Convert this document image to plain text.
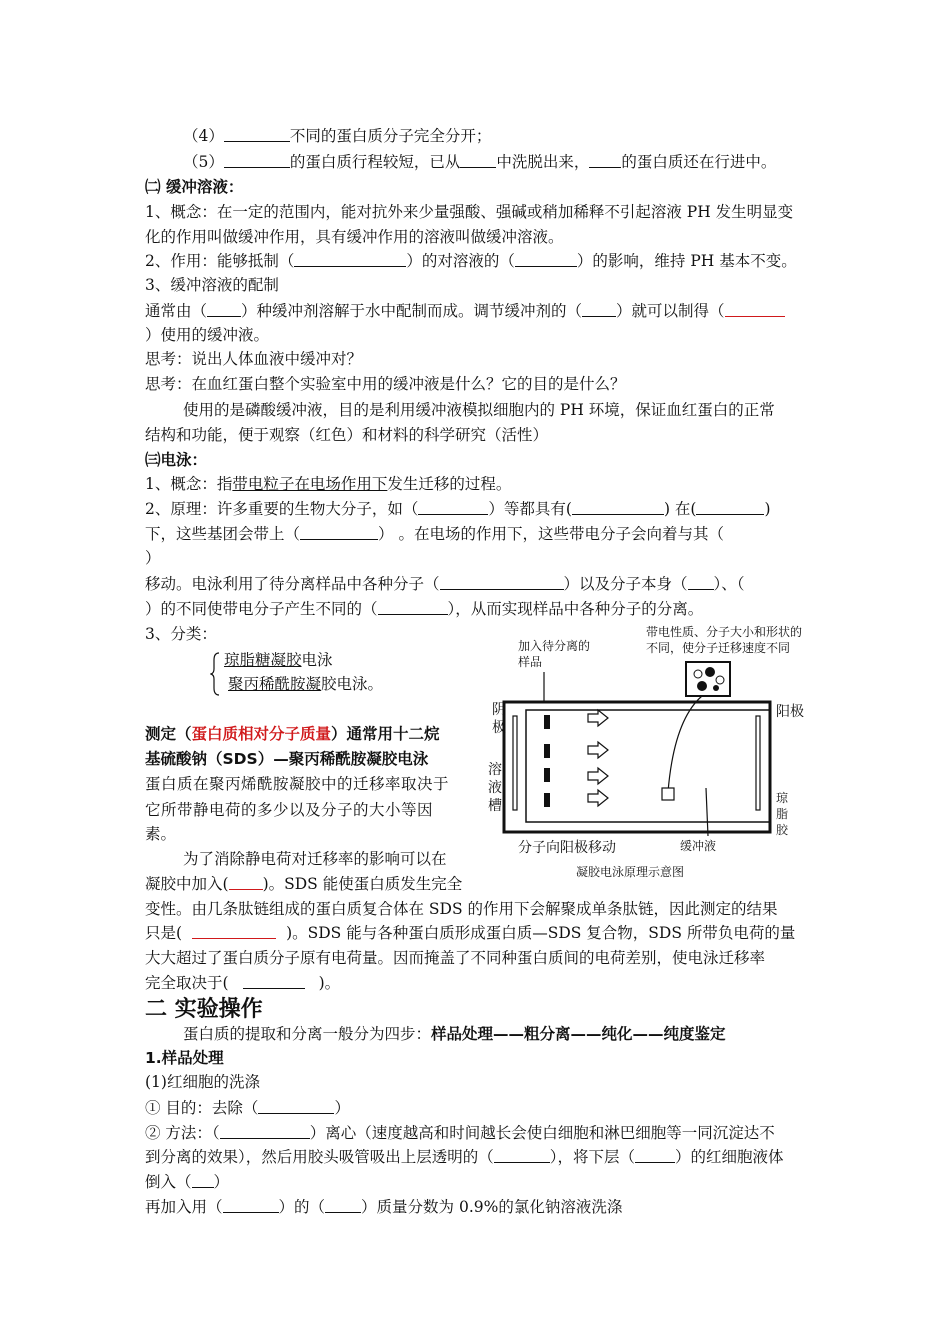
（4）	不同的蛋白质分子完全分开；
（5）	的蛋白质行程较短，已从 中洗脱出来， 的蛋白质还在行进中。
㈡ 缓冲溶液：
1、概念：在一定的范围内，能对抗外来少量强酸、强碱或稍加稀释不引起溶液 PH 发生明显变
化的作用叫做缓冲作用，具有缓冲作用的溶液叫做缓冲溶液。
2、作用：能够抵制（	）的对溶液的（	）的影响，维持 PH 基本不变。
3、缓冲溶液的配制
通常由（ ）种缓冲剂溶解于水中配制而成。调节缓冲剂的（ ）就可以制得（
）使用的缓冲液。
思考：说出人体血液中缓冲对？
思考：在血红蛋白整个实验室中用的缓冲液是什么？它的目的是什么？
使用的是磷酸缓冲液，目的是利用缓冲液模拟细胞内的 PH 环境，保证血红蛋白的正常
结构和功能，便于观察（红色）和材料的科学研究（活性）
㈢电泳：
1、概念：指带电粒子在电场作用下发生迁移的过程。
2、原理：许多重要的生物大分子，如（	）等都具有(	) 在(	)
下，这些基团会带上（	） 。在电场的作用下，这些带电分子会向着与其（
）
移动。电泳利用了待分离样品中各种分子（	）以及分子本身（ ）、（
）的不同使带电分子产生不同的（	），从而实现样品中各种分子的分离。
3、分类：
琼脂糖凝胶电泳
聚丙稀酰胺凝胶电泳。
测定（蛋白质相对分子质量）通常用十二烷
基硫酸钠（SDS）—聚丙稀酰胺凝胶电泳
蛋白质在聚丙烯酰胺凝胶中的迁移率取决于
它所带静电荷的多少以及分子的大小等因
素。
为了消除静电荷对迁移率的影响可以在
凝胶中加入( )。SDS 能使蛋白质发生完全
变性。由几条肽链组成的蛋白质复合体在 SDS 的作用下会解聚成单条肽链，因此测定的结果
只是(	)。SDS 能与各种蛋白质形成蛋白质—SDS 复合物，SDS 所带负电荷的量
大大超过了蛋白质分子原有电荷量。因而掩盖了不同种蛋白质间的电荷差别，使电泳迁移率
完全取决于(	)。
加入待分离的
样品
带电性质、分子大小和形状的
不同，使分子迁移速度不同
阴
极
阳极
溶
液
槽	琼
脂
胶
分子向阳极移动	缓冲液
凝胶电泳原理示意图
二 实验操作
蛋白质的提取和分离一般分为四步：样品处理——粗分离——纯化——纯度鉴定
1.样品处理
(1)红细胞的洗涤
① 目的：去除（	）
② 方法：（	）离心（速度越高和时间越长会使白细胞和淋巴细胞等一同沉淀达不
到分离的效果），然后用胶头吸管吸出上层透明的（	），将下层（	）的红细胞液体
倒入（ ）
再加入用（	）的（ ）质量分数为 0.9%的氯化钠溶液洗涤
